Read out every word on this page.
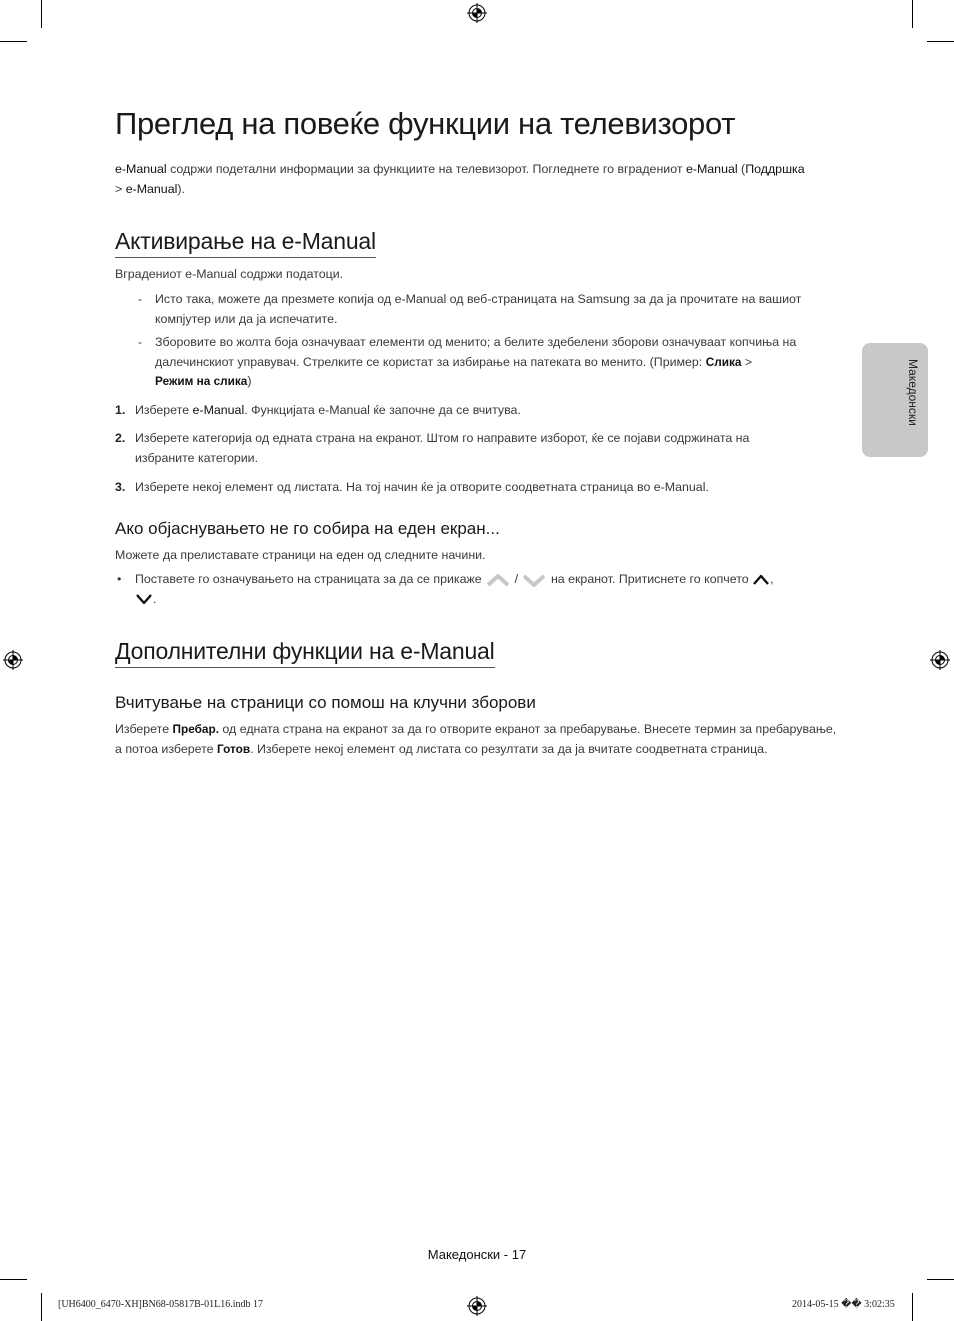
Преглед на повеќе функции на телевизорот

e-Manual содржи подетални информации за функциите на телевизорот. Погледнете го вградениот e-Manual (Поддршка
> e-Manual).

Активирање на e-Manual

Вградениот e-Manual содржи податоци.

-	Исто така, можете да презмете копија од e-Manual од веб-страницата на Samsung за да ја прочитате на вашиот компјутер или да ја испечатите.
-	Зборовите во жолта боја означуваат елементи од менито; а белите здебелени зборови означуваат копчиња на далечинскиот управувач. Стрелките се користат за избирање на патеката во менито. (Пример: Слика >
Режим на слика)
1. Изберете e-Manual. Функцијата e-Manual ќе започне да се вчитува.
2. Изберете категорија од едната страна на екранот. Штом го направите изборот, ќе се појави содржината на избраните категории.
3. Изберете некој елемент од листата. На тој начин ќе ја отворите соодветната страница во e-Manual.
Ако објаснувањето не го собира на еден екран...

Можете да прелиставате страници на еден од следните начини.

•	Поставете го означувањето на страницата за да се прикаже	/	на екранот. Притиснете го копчето ,
.
Дополнителни функции на e-Manual
Вчитување на страници со помош на клучни зборови

Изберете Пребар. од едната страна на екранот за да го отворите екранот за пребарување. Внесете термин за пребарување, а потоа изберете Готов. Изберете некој елемент од листата со резултати за да ја вчитате соодветната страница.

Македонски
Македонски - 17
[UH6400_6470-XH]BN68-05817B-01L16.indb 17	2014-05-15 �� 3:02:35
